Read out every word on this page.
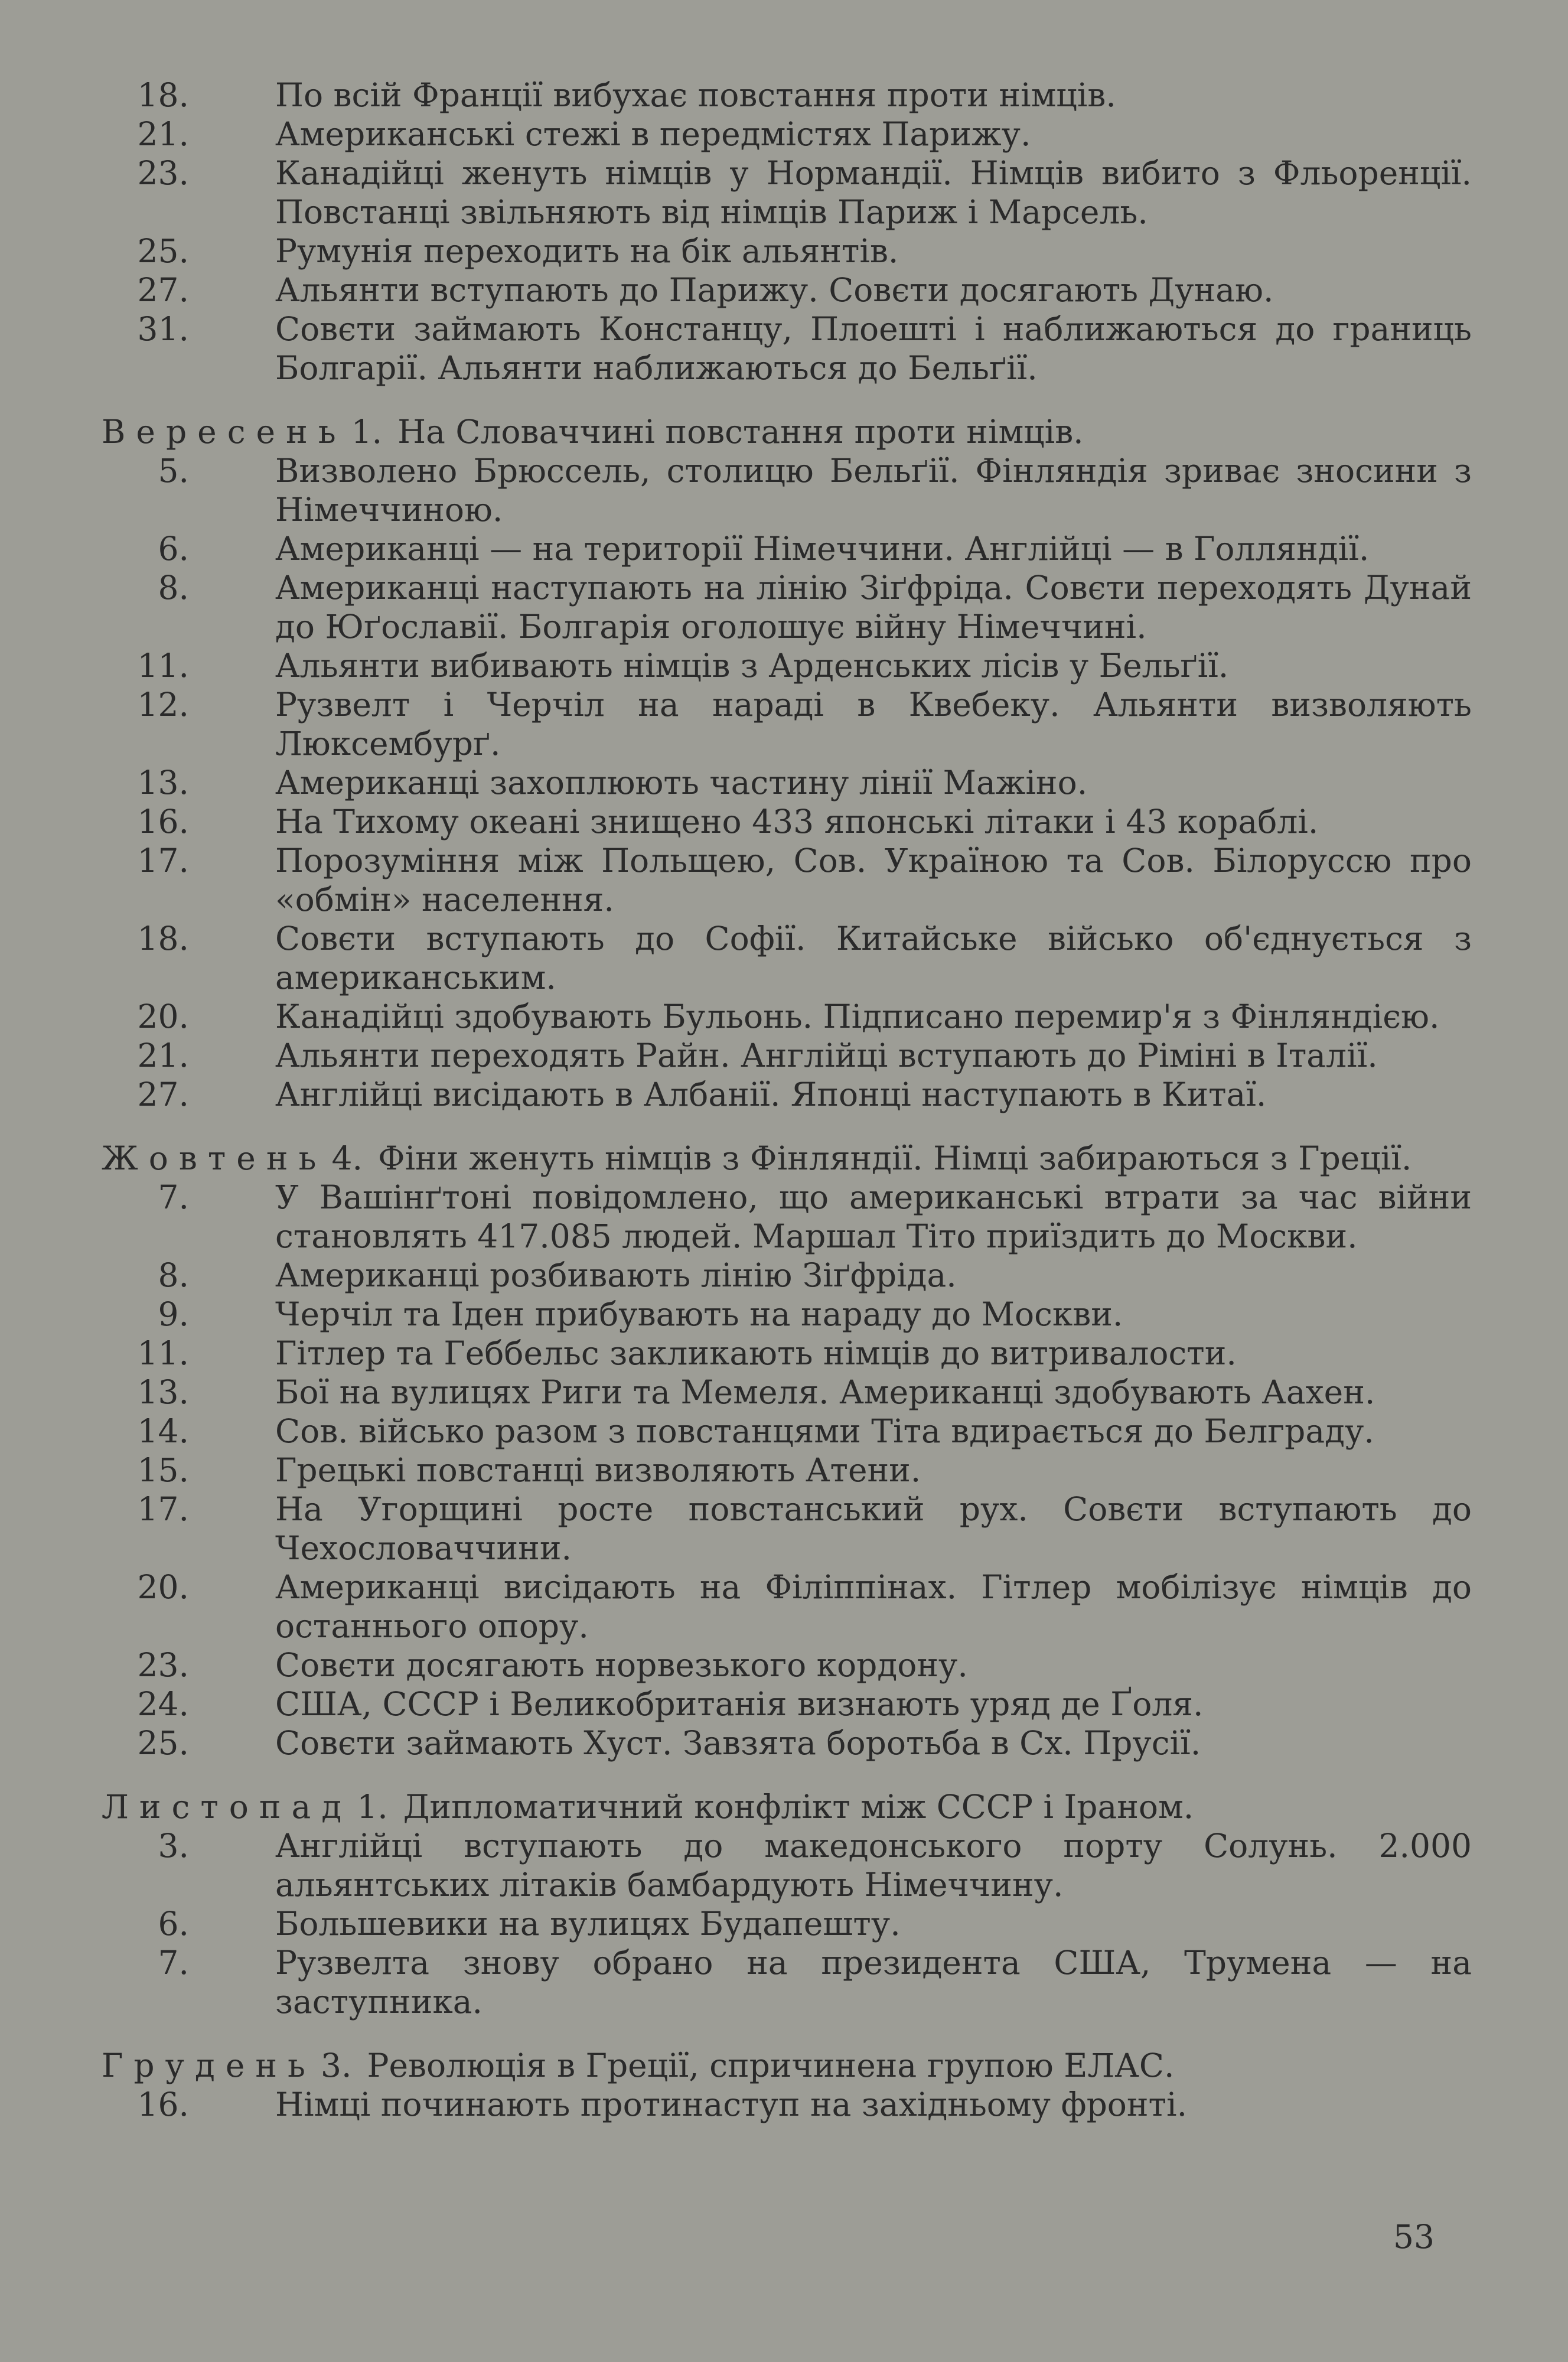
18.	По всій Франції вибухає повстання проти німців.
21.	Американські стежі в передмістях Парижу.
23.	Канадійці женуть німців у Нормандії. Німців вибито з Фльоренції. Повстанці звільняють від німців Париж і Марсель.
25.	Румунія переходить на бік альянтів.
27.	Альянти вступають до Парижу. Совєти досягають Дунаю.
31.	Совєти займають Констанцу, Плоешті і наближаються до границь Болгарії. Альянти наближаються до Бельґії.
Вересень 1. На Словаччині повстання проти німців.
5.	Визволено Брюссель, столицю Бельґії. Фінляндія зриває зносини з Німеччиною.
6.	Американці — на території Німеччини. Англійці — в Голляндії.
8.	Американці наступають на лінію Зіґфріда. Совєти переходять Дунай до Юґославії. Болгарія оголошує війну Німеччині.
11.	Альянти вибивають німців з Арденських лісів у Бельґії.
12.	Рузвелт і Черчіл на нараді в Квебеку. Альянти визволяють Люксембурґ.
13.	Американці захоплюють частину лінії Мажіно.
16.	На Тихому океані знищено 433 японські літаки і 43 кораблі.
17.	Порозуміння між Польщею, Сов. Україною та Сов. Білоруссю про «обмін» населення.
18.	Совєти вступають до Софії. Китайське військо об'єднується з американським.
20.	Канадійці здобувають Бульонь. Підписано перемир'я з Фінляндією.
21.	Альянти переходять Райн. Англійці вступають до Ріміні в Італії.
27.	Англійці висідають в Албанії. Японці наступають в Китаї.
Жовтень 4. Фіни женуть німців з Фінляндії. Німці забираються з Греції.
7.	У Вашінґтоні повідомлено, що американські втрати за час війни становлять 417.085 людей. Маршал Тіто приїздить до Москви.
8.	Американці розбивають лінію Зіґфріда.
9.	Черчіл та Іден прибувають на нараду до Москви.
11.	Гітлер та Геббельс закликають німців до витривалости.
13.	Бої на вулицях Риги та Мемеля. Американці здобувають Аахен.
14.	Сов. військо разом з повстанцями Тіта вдирається до Белграду.
15.	Грецькі повстанці визволяють Атени.
17.	На Угорщині росте повстанський рух. Совєти вступають до Чехословаччини.
20.	Американці висідають на Філіппінах. Гітлер мобілізує німців до останнього опору.
23.	Совєти досягають норвезького кордону.
24.	США, СССР і Великобританія визнають уряд де Ґоля.
25.	Совєти займають Хуст. Завзята боротьба в Сх. Прусії.
Листопад 1. Дипломатичний конфлікт між СССР і Іраном.
3.	Англійці вступають до македонського порту Солунь. 2.000 альянтських літаків бамбардують Німеччину.
6.	Большевики на вулицях Будапешту.
7.	Рузвелта знову обрано на президента США, Трумена — на заступника.
Грудень 3. Революція в Греції, спричинена групою ЕЛАС.
16.	Німці починають протинаступ на західньому фронті.
53
